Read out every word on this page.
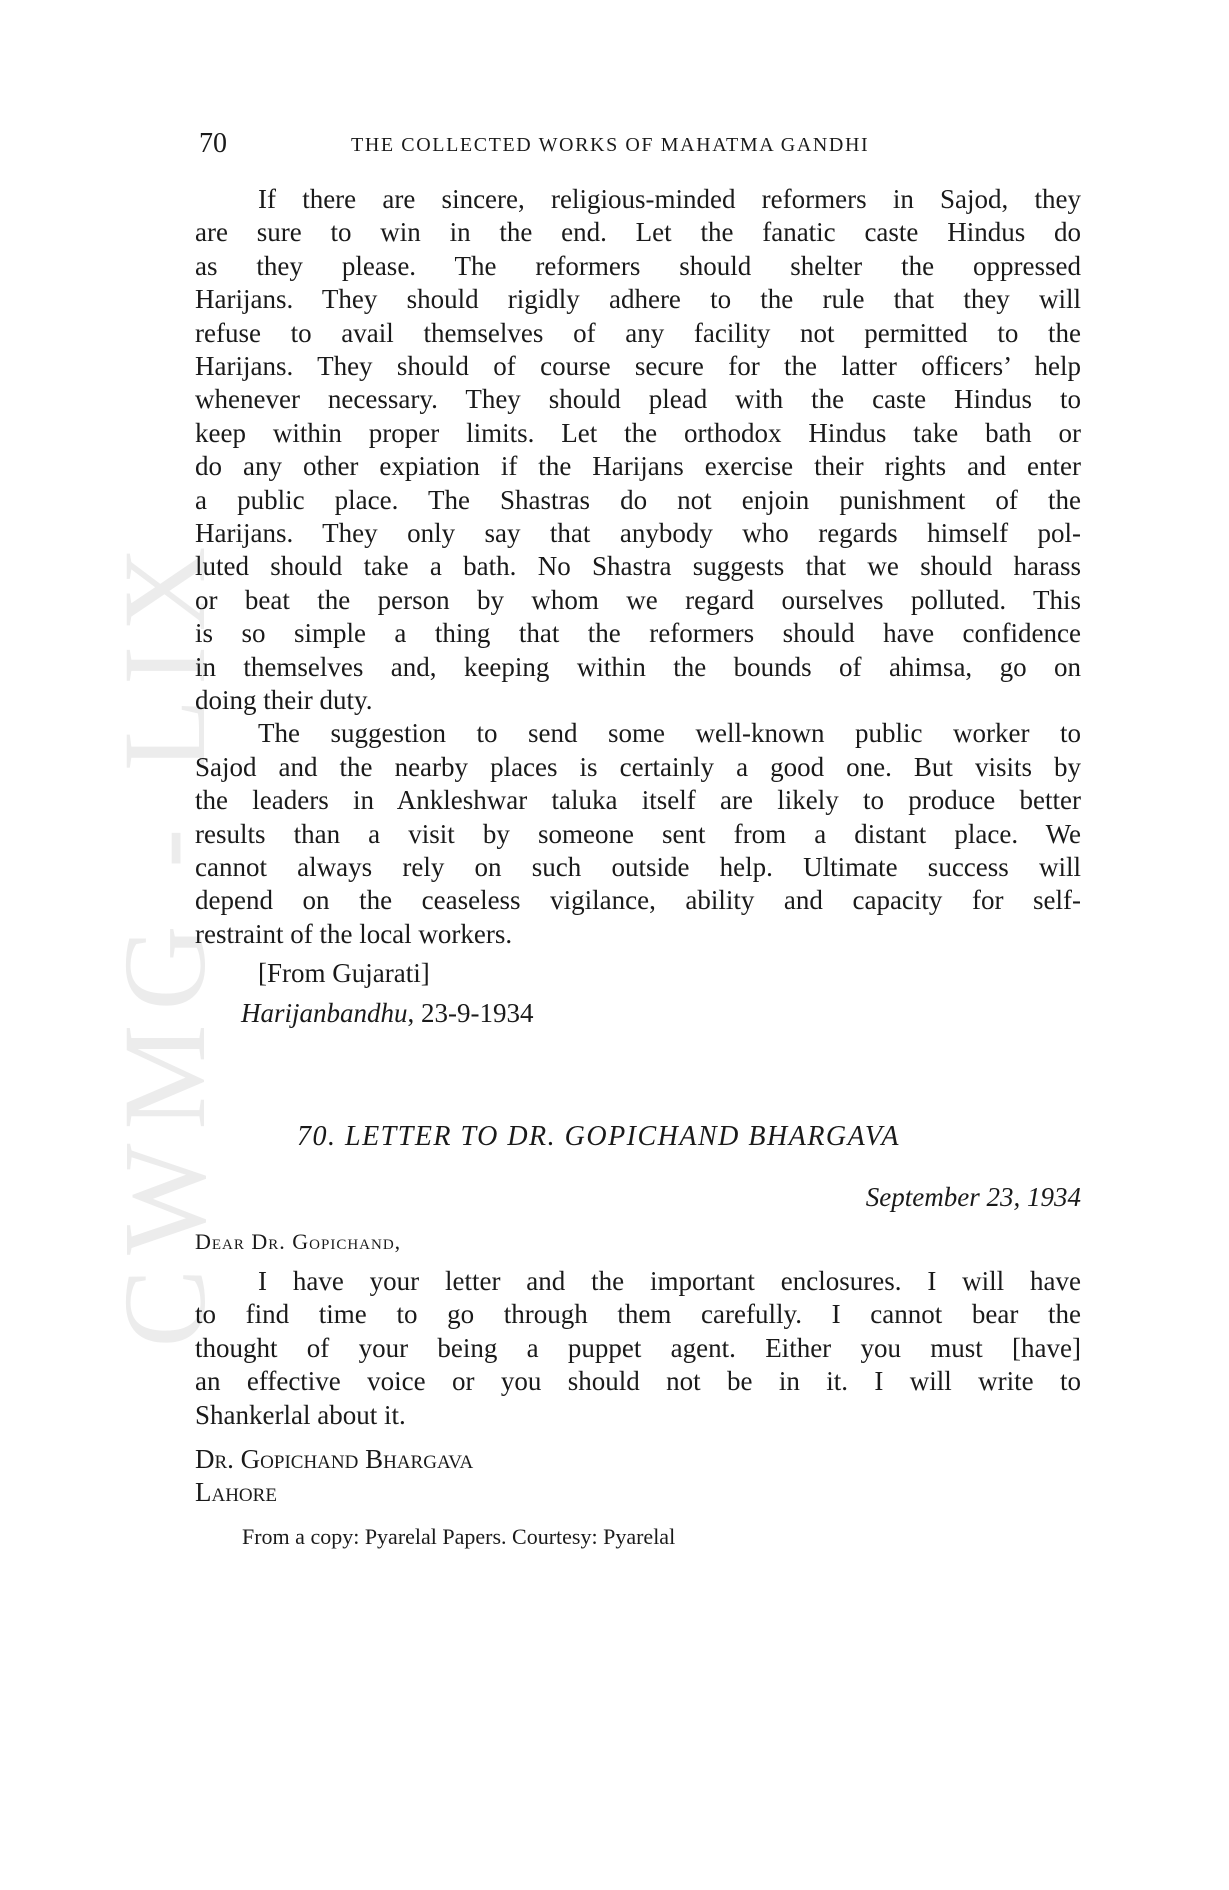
CWMG - LIX
70	THE COLLECTED WORKS OF MAHATMA GANDHI
If there are sincere, religious-minded reformers in Sajod, they
are sure to win in the end. Let the fanatic caste Hindus do
as they please. The reformers should shelter the oppressed
Harijans. They should rigidly adhere to the rule that they will
refuse to avail themselves of any facility not permitted to the
Harijans. They should of course secure for the latter officers’ help
whenever necessary. They should plead with the caste Hindus to
keep within proper limits. Let the orthodox Hindus take bath or
do any other expiation if the Harijans exercise their rights and enter
a public place. The Shastras do not enjoin punishment of the
Harijans. They only say that anybody who regards himself pol-
luted should take a bath. No Shastra suggests that we should harass
or beat the person by whom we regard ourselves polluted. This
is so simple a thing that the reformers should have confidence
in themselves and, keeping within the bounds of ahimsa, go on
doing their duty.
The suggestion to send some well-known public worker to
Sajod and the nearby places is certainly a good one. But visits by
the leaders in Ankleshwar taluka itself are likely to produce better
results than a visit by someone sent from a distant place. We
cannot always rely on such outside help. Ultimate success will
depend on the ceaseless vigilance, ability and capacity for self-
restraint of the local workers.
[From Gujarati]
Harijanbandhu, 23-9-1934
70. LETTER TO DR. GOPICHAND BHARGAVA
September 23, 1934
Dear Dr. Gopichand,
I have your letter and the important enclosures. I will have
to find time to go through them carefully. I cannot bear the
thought of your being a puppet agent. Either you must [have]
an effective voice or you should not be in it. I will write to
Shankerlal about it.
Dr. Gopichand Bhargava
Lahore
From a copy: Pyarelal Papers. Courtesy: Pyarelal
